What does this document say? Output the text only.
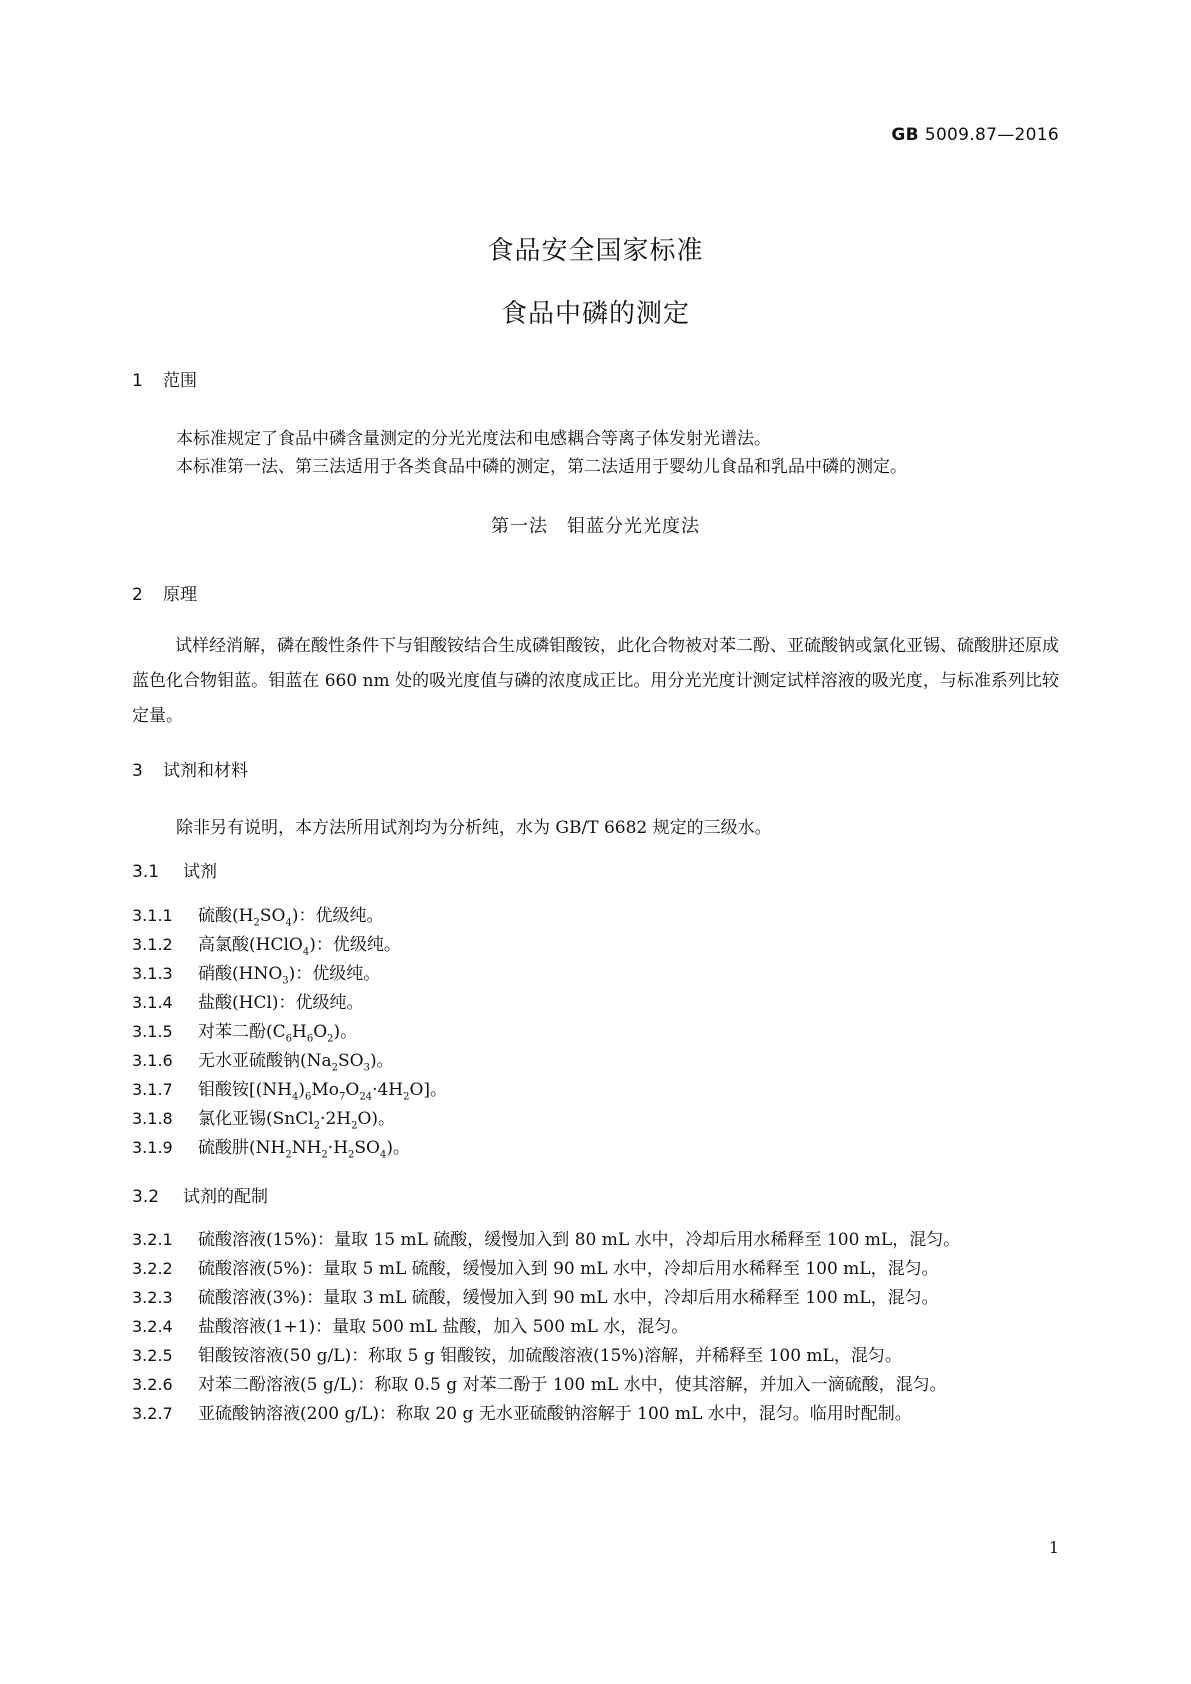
GB 5009.87—2016
食品安全国家标准
食品中磷的测定
1 范围
本标准规定了食品中磷含量测定的分光光度法和电感耦合等离子体发射光谱法。
本标准第一法、第三法适用于各类食品中磷的测定，第二法适用于婴幼儿食品和乳品中磷的测定。
第一法　钼蓝分光光度法
2 原理
试样经消解，磷在酸性条件下与钼酸铵结合生成磷钼酸铵，此化合物被对苯二酚、亚硫酸钠或氯化亚锡、硫酸肼还原成蓝色化合物钼蓝。钼蓝在 660 nm 处的吸光度值与磷的浓度成正比。用分光光度计测定试样溶液的吸光度，与标准系列比较定量。
3 试剂和材料
除非另有说明，本方法所用试剂均为分析纯，水为 GB/T 6682 规定的三级水。
3.1 试剂
3.1.1 硫酸$(H_2SO_4)$：优级纯。
3.1.2 高氯酸(HClO$_4$)：优级纯。
3.1.3 硝酸$(HNO_3)$：优级纯。
3.1.4 盐酸(HCl)：优级纯。
3.1.5 对苯二酚$(C_6H_6O_2)$。
3.1.6 无水亚硫酸钠$(Na_2SO_3)$。
3.1.7 钼酸铵$[(NH_4)_6Mo_7O_{24}\cdot 4H_2O]$。
3.1.8 氯化亚锡$(SnCl_2\cdot 2H_2O)$。
3.1.9 硫酸肼$(NH_2NH_2\cdot H_2SO_4)$。
3.2 试剂的配制
3.2.1 硫酸溶液(15%)：量取 15 mL 硫酸，缓慢加入到 80 mL 水中，冷却后用水稀释至 100 mL，混匀。
3.2.2 硫酸溶液(5%)：量取 5 mL 硫酸，缓慢加入到 90 mL 水中，冷却后用水稀释至 100 mL，混匀。
3.2.3 硫酸溶液(3%)：量取 3 mL 硫酸，缓慢加入到 90 mL 水中，冷却后用水稀释至 100 mL，混匀。
3.2.4 盐酸溶液(1+1)：量取 500 mL 盐酸，加入 500 mL 水，混匀。
3.2.5 钼酸铵溶液(50 g/L)：称取 5 g 钼酸铵，加硫酸溶液(15%)溶解，并稀释至 100 mL，混匀。
3.2.6 对苯二酚溶液(5 g/L)：称取 0.5 g 对苯二酚于 100 mL 水中，使其溶解，并加入一滴硫酸，混匀。
3.2.7 亚硫酸钠溶液(200 g/L)：称取 20 g 无水亚硫酸钠溶解于 100 mL 水中，混匀。临用时配制。
1
